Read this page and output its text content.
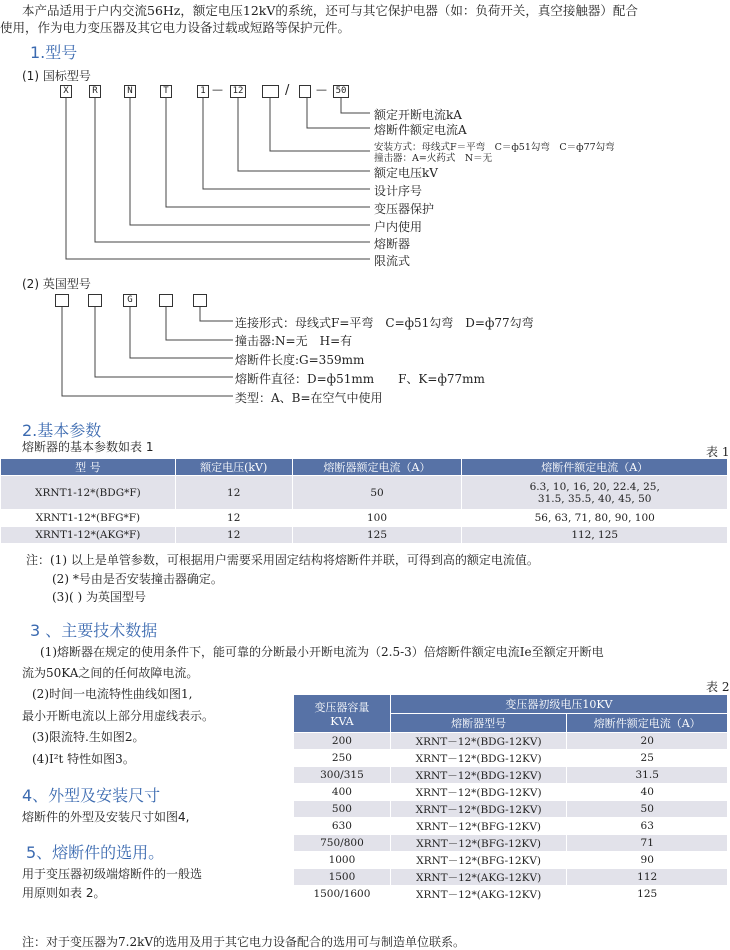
本产品适用于户内交流56Hz，额定电压12kV的系统，还可与其它保护电器（如：负荷开关，真空接触器）配合
使用，作为电力变压器及其它电力设备过载或短路等保护元件。
1.型号
(1) 国标型号
X	R	N	T	1 — 12	/ — 50
额定开断电流kA
熔断件额定电流A
安装方式：母线式F＝平弯　C＝ф51勾弯　C＝ф77勾弯
撞击器：A=火药式　N＝无
额定电压kV
设计序号
变压器保护
户内使用
熔断器
限流式
(2) 英国型号
G
连接形式：母线式F=平弯　C=ф51勾弯　D=ф77勾弯
撞击器:N=无　H=有
熔断件长度:G=359mm
熔断件直径：D=ф51mm　　F、K=ф77mm
类型：A、B=在空气中使用
2.基本参数
熔断器的基本参数如表 1	表 1
型 号	额定电压(kV)	熔断器额定电流（A）	熔断件额定电流（A）
XRNT1-12*(BDG*F)	12	50	6.3, 10, 16, 20, 22.4, 25,
31.5, 35.5, 40, 45, 50

XRNT1-12*(BFG*F)	12	100	56, 63, 71, 80, 90, 100
XRNT1-12*(AKG*F)	12	125	112, 125
注：(1) 以上是单管参数，可根据用户需要采用固定结构将熔断件并联，可得到高的额定电流值。
(2) *号由是否安装撞击器确定。
(3)( ) 为英国型号
3 、主要技术数据
(1)熔断器在规定的使用条件下，能可靠的分断最小开断电流为（2.5-3）倍熔断件额定电流Ie至额定开断电
流为50KA之间的任何故障电流。
(2)时间一电流特性曲线如图1,
最小开断电流以上部分用虚线表示。
(3)限流特.生如图2。
(4)I²t 特性如图3。
4、外型及安装尺寸
熔断件的外型及安装尺寸如图4,
5、熔断件的选用。
用于变压器初级端熔断件的一般选
用原则如表 2。
表 2
变压器容量
KVA	变压器初级电压10KV	
	熔断器型号	熔断件额定电流（A）
200	XRNT－12*(BDG-12KV)	20
250	XRNT－12*(BDG-12KV)	25
300/315	XRNT－12*(BDG-12KV)	31.5
400	XRNT－12*(BDG-12KV)	40
500	XRNT－12*(BDG-12KV)	50
630	XRNT－12*(BFG-12KV)	63
750/800	XRNT－12*(BFG-12KV)	71
1000	XRNT－12*(BFG-12KV)	90
1500	XRNT－12*(AKG-12KV)	112
1500/1600	XRNT－12*(AKG-12KV)	125
注：对于变压器为7.2kV的选用及用于其它电力设备配合的选用可与制造单位联系。
